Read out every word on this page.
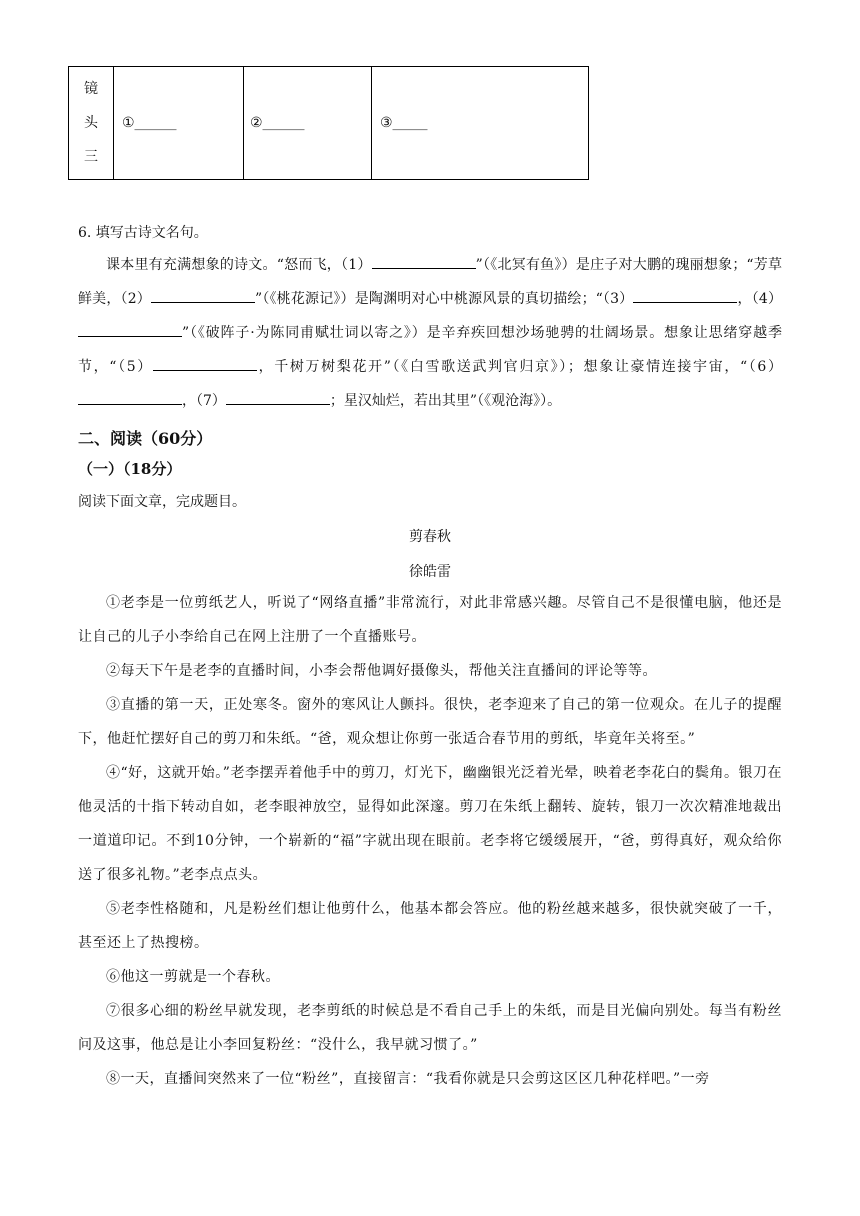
镜
头
三
	①______	②______	③_____
6. 填写古诗文名句。
课本里有充满想象的诗文。“怒而飞，（1）	”（《北冥有鱼》）是庄子对大鹏的瑰丽想象；“芳草鲜美，（2）	”（《桃花源记》）是陶渊明对心中桃源风景的真切描绘；“（3）	，（4）”（《破阵子·为陈同甫赋壮词以寄之》）是辛弃疾回想沙场驰骋的壮阔场景。想象让思绪穿越季节，“（5）	，千树万树梨花开”（《白雪歌送武判官归京》）；想象让豪情连接宇宙，“（6），（7）	；星汉灿烂，若出其里”（《观沧海》）。
二、阅读（60分）
（一）（18分）
阅读下面文章，完成题目。
剪春秋
徐皓雷

①老李是一位剪纸艺人，听说了“网络直播”非常流行，对此非常感兴趣。尽管自己不是很懂电脑，他还是让自己的儿子小李给自己在网上注册了一个直播账号。

②每天下午是老李的直播时间，小李会帮他调好摄像头，帮他关注直播间的评论等等。

③直播的第一天，正处寒冬。窗外的寒风让人颤抖。很快，老李迎来了自己的第一位观众。在儿子的提醒下，他赶忙摆好自己的剪刀和朱纸。“爸，观众想让你剪一张适合春节用的剪纸，毕竟年关将至。”

④“好，这就开始。”老李摆弄着他手中的剪刀，灯光下，幽幽银光泛着光晕，映着老李花白的鬓角。银刀在他灵活的十指下转动自如，老李眼神放空，显得如此深邃。剪刀在朱纸上翻转、旋转，银刀一次次精准地裁出一道道印记。不到10分钟，一个崭新的“福”字就出现在眼前。老李将它缓缓展开，“爸，剪得真好，观众给你送了很多礼物。”老李点点头。

⑤老李性格随和，凡是粉丝们想让他剪什么，他基本都会答应。他的粉丝越来越多，很快就突破了一千，甚至还上了热搜榜。

⑥他这一剪就是一个春秋。

⑦很多心细的粉丝早就发现，老李剪纸的时候总是不看自己手上的朱纸，而是目光偏向别处。每当有粉丝问及这事，他总是让小李回复粉丝：“没什么，我早就习惯了。”

⑧一天，直播间突然来了一位“粉丝”，直接留言：“我看你就是只会剪这区区几种花样吧。”一旁
